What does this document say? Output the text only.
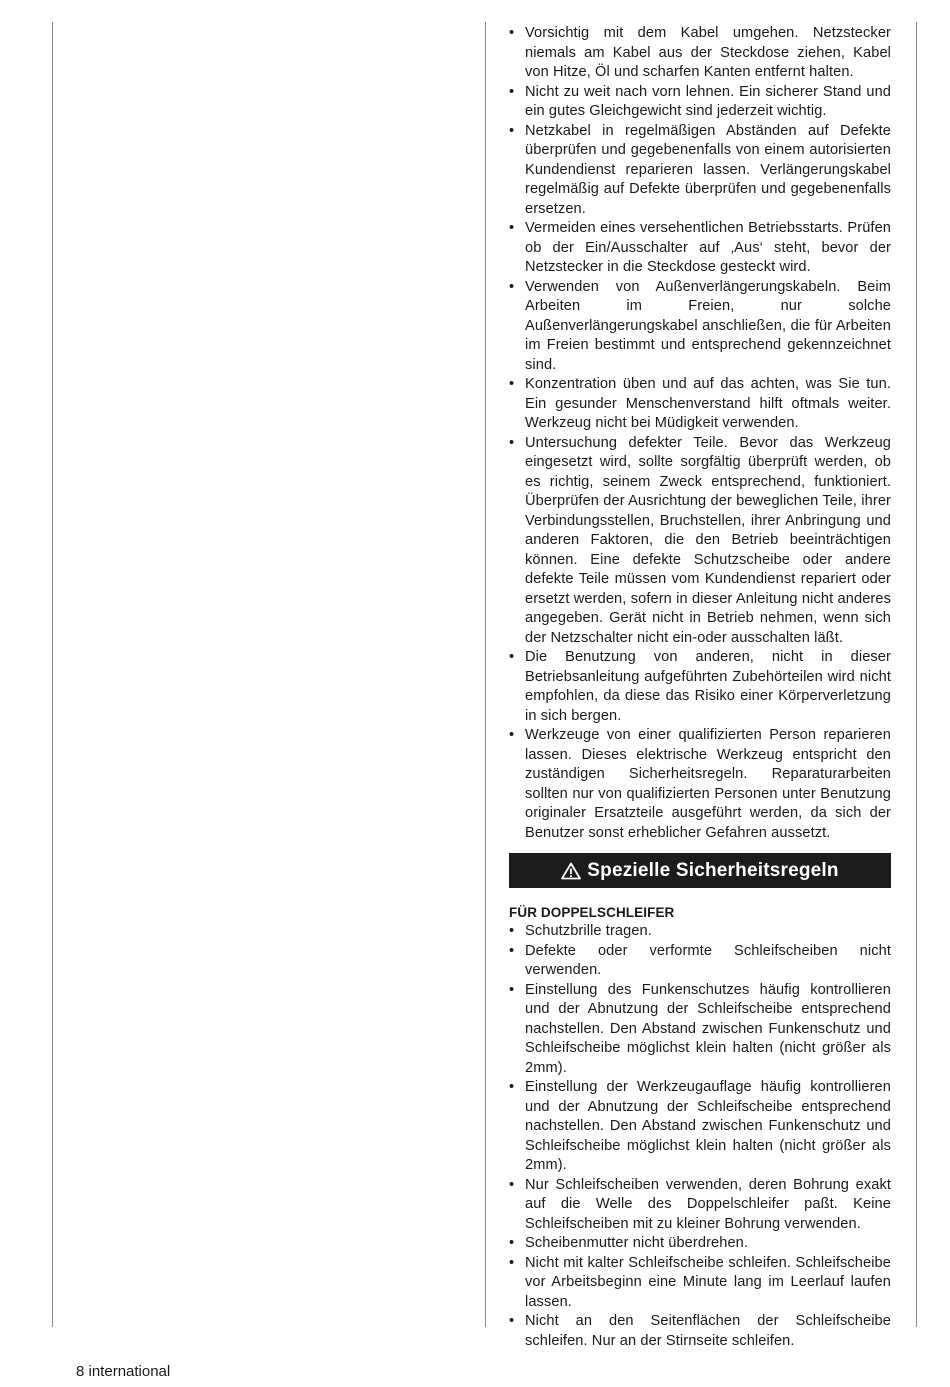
• Vorsichtig mit dem Kabel umgehen. Netzstecker niemals am Kabel aus der Steckdose ziehen, Kabel von Hitze, Öl und scharfen Kanten entfernt halten.
• Nicht zu weit nach vorn lehnen. Ein sicherer Stand und ein gutes Gleichgewicht sind jederzeit wichtig.
• Netzkabel in regelmäßigen Abständen auf Defekte überprüfen und gegebenenfalls von einem autorisierten Kundendienst reparieren lassen. Verlängerungskabel regelmäßig auf Defekte überprüfen und gegebenenfalls ersetzen.
• Vermeiden eines versehentlichen Betriebsstarts. Prüfen ob der Ein/Ausschalter auf ‚Aus‘ steht, bevor der Netzstecker in die Steckdose gesteckt wird.
• Verwenden von Außenverlängerungskabeln. Beim Arbeiten im Freien, nur solche Außenverlängerungskabel anschließen, die für Arbeiten im Freien bestimmt und entsprechend gekennzeichnet sind.
• Konzentration üben und auf das achten, was Sie tun. Ein gesunder Menschenverstand hilft oftmals weiter. Werkzeug nicht bei Müdigkeit verwenden.
• Untersuchung defekter Teile. Bevor das Werkzeug eingesetzt wird, sollte sorgfältig überprüft werden, ob es richtig, seinem Zweck entsprechend, funktioniert. Überprüfen der Ausrichtung der beweglichen Teile, ihrer Verbindungsstellen, Bruchstellen, ihrer Anbringung und anderen Faktoren, die den Betrieb beeinträchtigen können. Eine defekte Schutzscheibe oder andere defekte Teile müssen vom Kundendienst repariert oder ersetzt werden, sofern in dieser Anleitung nicht anderes angegeben. Gerät nicht in Betrieb nehmen, wenn sich der Netzschalter nicht ein-oder ausschalten läßt.
• Die Benutzung von anderen, nicht in dieser Betriebsanleitung aufgeführten Zubehörteilen wird nicht empfohlen, da diese das Risiko einer Körperverletzung in sich bergen.
• Werkzeuge von einer qualifizierten Person reparieren lassen. Dieses elektrische Werkzeug entspricht den zuständigen Sicherheitsregeln. Reparaturarbeiten sollten nur von qualifizierten Personen unter Benutzung originaler Ersatzteile ausgeführt werden, da sich der Benutzer sonst erheblicher Gefahren aussetzt.
Spezielle Sicherheitsregeln
FÜR DOPPELSCHLEIFER
• Schutzbrille tragen.
• Defekte oder verformte Schleifscheiben nicht verwenden.
• Einstellung des Funkenschutzes häufig kontrollieren und der Abnutzung der Schleifscheibe entsprechend nachstellen. Den Abstand zwischen Funkenschutz und Schleifscheibe möglichst klein halten (nicht größer als 2mm).
• Einstellung der Werkzeugauflage häufig kontrollieren und der Abnutzung der Schleifscheibe entsprechend nachstellen. Den Abstand zwischen Funkenschutz und Schleifscheibe möglichst klein halten (nicht größer als 2mm).
• Nur Schleifscheiben verwenden, deren Bohrung exakt auf die Welle des Doppelschleifer paßt. Keine Schleifscheiben mit zu kleiner Bohrung verwenden.
• Scheibenmutter nicht überdrehen.
• Nicht mit kalter Schleifscheibe schleifen. Schleifscheibe vor Arbeitsbeginn eine Minute lang im Leerlauf laufen lassen.
• Nicht an den Seitenflächen der Schleifscheibe schleifen. Nur an der Stirnseite schleifen.
8 international
